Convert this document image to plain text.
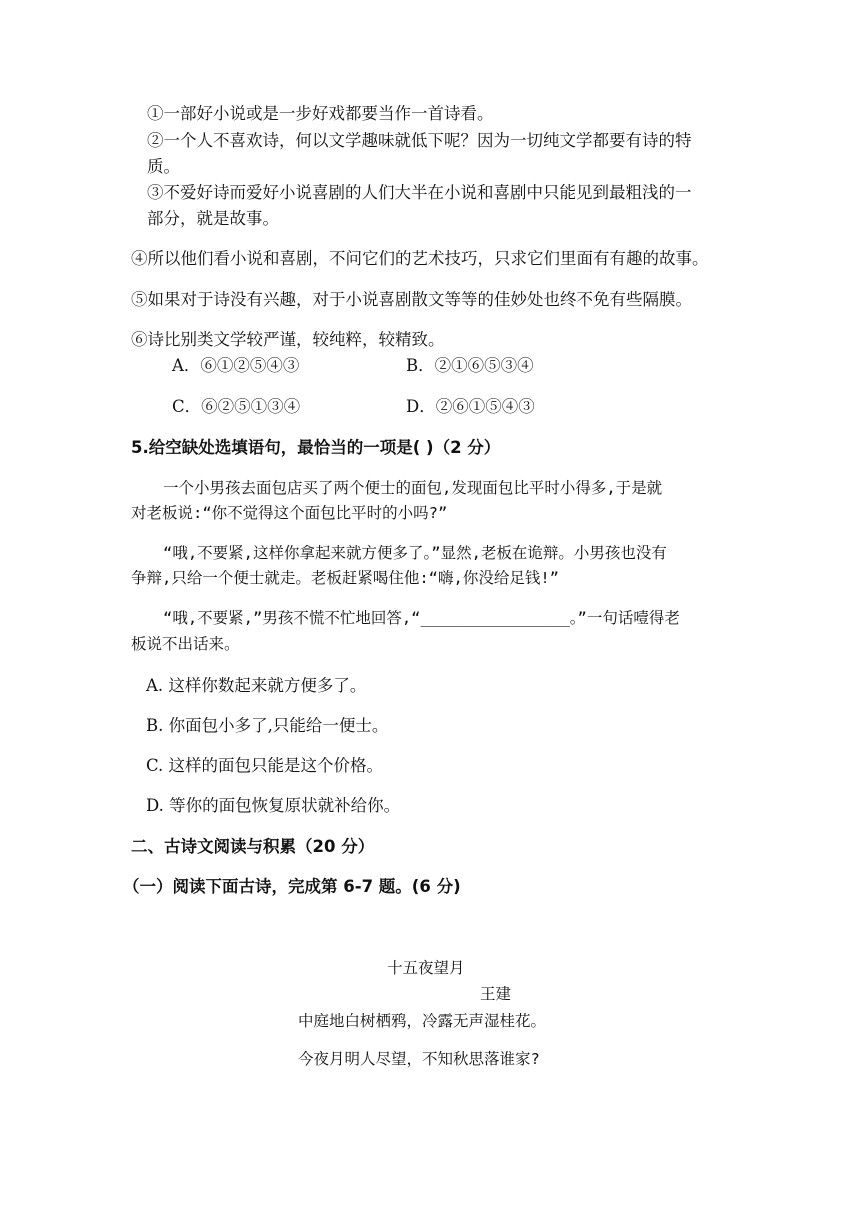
①一部好小说或是一步好戏都要当作一首诗看。
②一个人不喜欢诗，何以文学趣味就低下呢？因为一切纯文学都要有诗的特
质。
③不爱好诗而爱好小说喜剧的人们大半在小说和喜剧中只能见到最粗浅的一
部分，就是故事。
④所以他们看小说和喜剧，不问它们的艺术技巧，只求它们里面有有趣的故事。
⑤如果对于诗没有兴趣，对于小说喜剧散文等等的佳妙处也终不免有些隔膜。
⑥诗比别类文学较严谨，较纯粹，较精致。
A．⑥①②⑤④③	B．②①⑥⑤③④
C．⑥②⑤①③④	D．②⑥①⑤④③
5.给空缺处选填语句，最恰当的一项是( )（2 分）
一个小男孩去面包店买了两个便士的面包,发现面包比平时小得多,于是就
对老板说:“你不觉得这个面包比平时的小吗?”
“哦,不要紧,这样你拿起来就方便多了。”显然,老板在诡辩。小男孩也没有
争辩,只给一个便士就走。老板赶紧喝住他:“嗨,你没给足钱!”
“哦,不要紧,”男孩不慌不忙地回答,“________________。”一句话噎得老
板说不出话来。
A. 这样你数起来就方便多了。
B. 你面包小多了,只能给一便士。
C. 这样的面包只能是这个价格。
D. 等你的面包恢复原状就补给你。
二、古诗文阅读与积累（20 分）
（一）阅读下面古诗，完成第 6-7 题。(6 分)
十五夜望月
王建
中庭地白树栖鸦，冷露无声湿桂花。
今夜月明人尽望，不知秋思落谁家?
